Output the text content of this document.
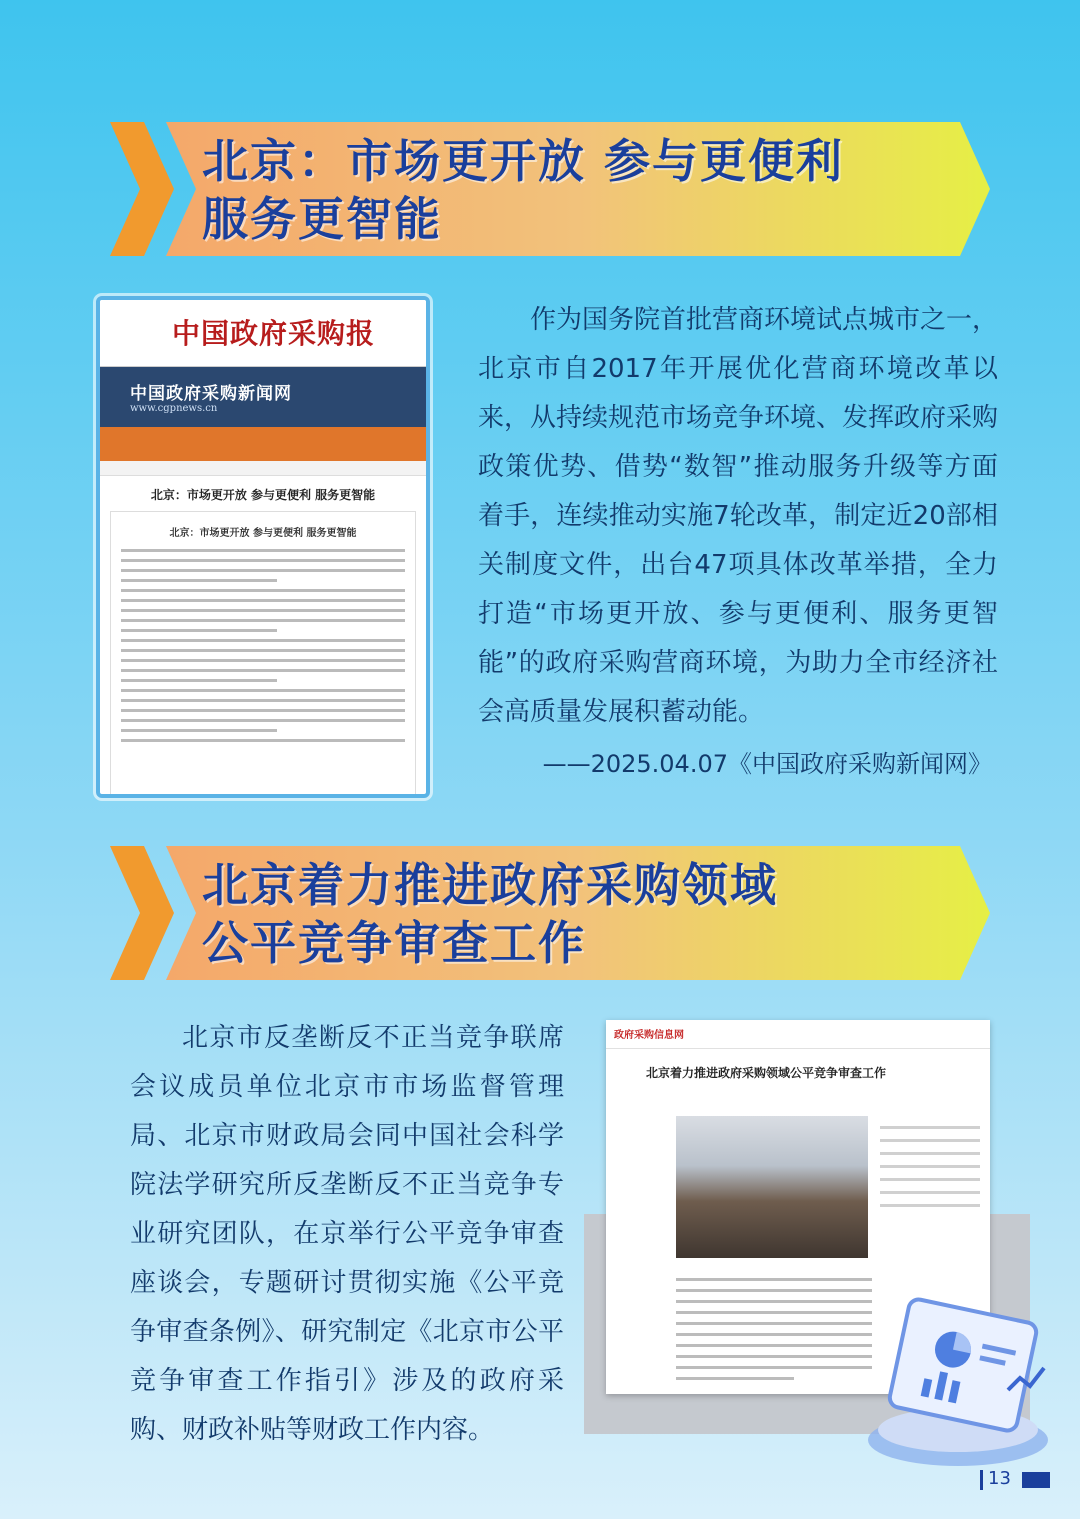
北京：市场更开放 参与更便利
服务更智能
中国政府采购报
中国政府采购新闻网
www.cgpnews.cn
北京：市场更开放 参与更便利 服务更智能
北京：市场更开放 参与更便利 服务更智能

作为国务院首批营商环境试点城市之一，北京市自2017年开展优化营商环境改革以来，从持续规范市场竞争环境、发挥政府采购政策优势、借势“数智”推动服务升级等方面着手，连续推动实施7轮改革，制定近20部相关制度文件，出台47项具体改革举措，全力打造“市场更开放、参与更便利、服务更智能”的政府采购营商环境，为助力全市经济社会高质量发展积蓄动能。

——2025.04.07《中国政府采购新闻网》

北京着力推进政府采购领域
公平竞争审查工作

北京市反垄断反不正当竞争联席会议成员单位北京市市场监督管理局、北京市财政局会同中国社会科学院法学研究所反垄断反不正当竞争专业研究团队，在京举行公平竞争审查座谈会，专题研讨贯彻实施《公平竞争审查条例》、研究制定《北京市公平竞争审查工作指引》涉及的政府采购、财政补贴等财政工作内容。

政府采购信息网
北京着力推进政府采购领域公平竞争审查工作

13
